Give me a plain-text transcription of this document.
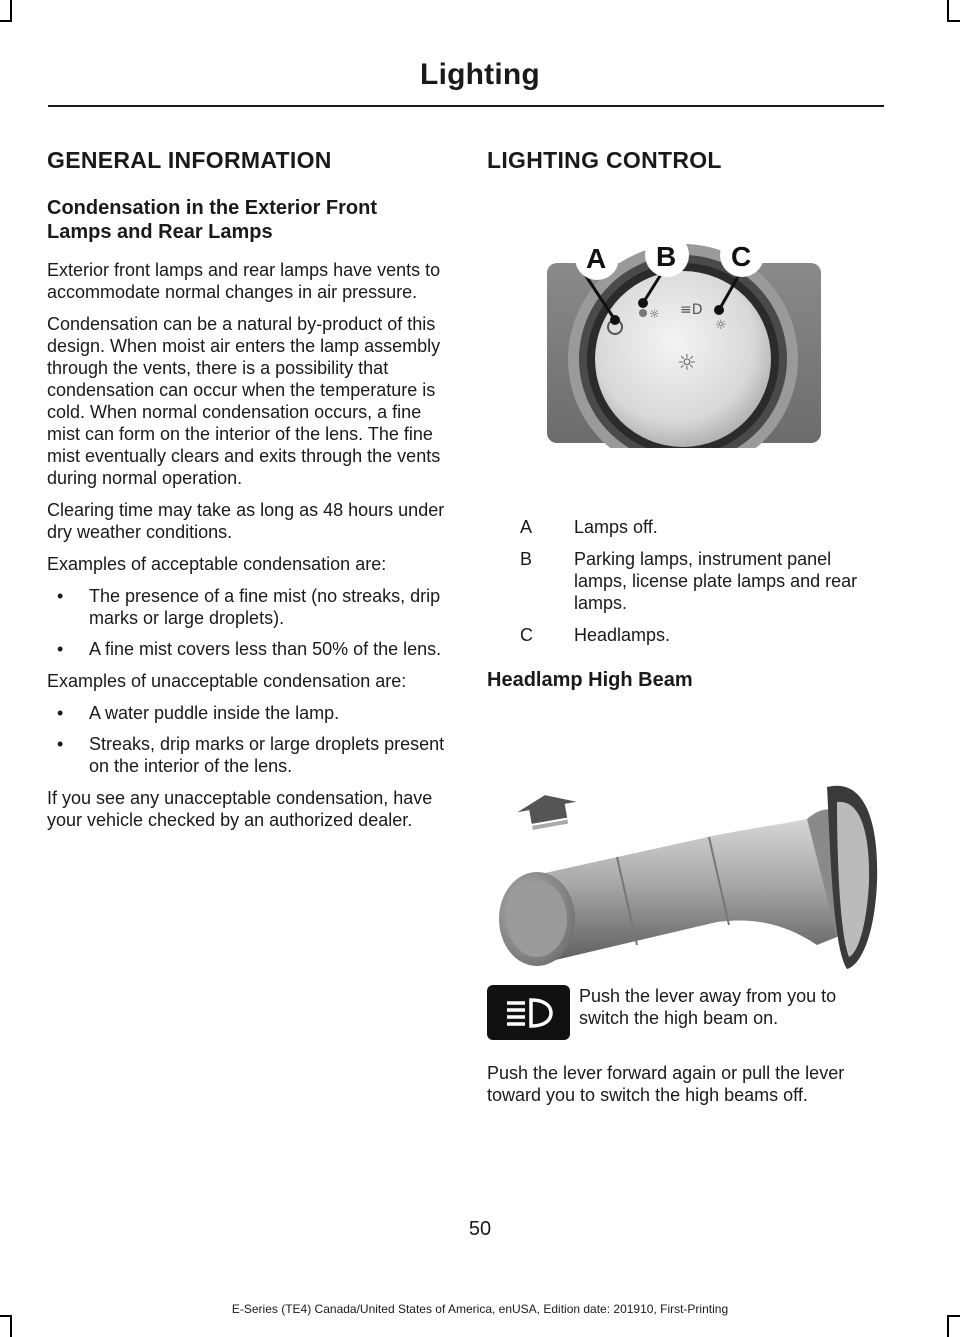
Lighting
GENERAL INFORMATION
Condensation in the Exterior Front Lamps and Rear Lamps

Exterior front lamps and rear lamps have vents to accommodate normal changes in air pressure.

Condensation can be a natural by-product of this design. When moist air enters the lamp assembly through the vents, there is a possibility that condensation can occur when the temperature is cold. When normal condensation occurs, a fine mist can form on the interior of the lens. The fine mist eventually clears and exits through the vents during normal operation.

Clearing time may take as long as 48 hours under dry weather conditions.

Examples of acceptable condensation are:

• The presence of a fine mist (no streaks, drip marks or large droplets).
• A fine mist covers less than 50% of the lens.

Examples of unacceptable condensation are:

• A water puddle inside the lamp.
• Streaks, drip marks or large droplets present on the interior of the lens.

If you see any unacceptable condensation, have your vehicle checked by an authorized dealer.

LIGHTING CONTROL
☼ ≡D
☼
☼
A B C
A	Lamps off.
B	Parking lamps, instrument panel lamps, license plate lamps and rear lamps.
C	Headlamps.
Headlamp High Beam

Push the lever away from you to switch the high beam on.

Push the lever forward again or pull the lever toward you to switch the high beams off.

50
E-Series (TE4) Canada/United States of America, enUSA, Edition date: 201910, First-Printing
